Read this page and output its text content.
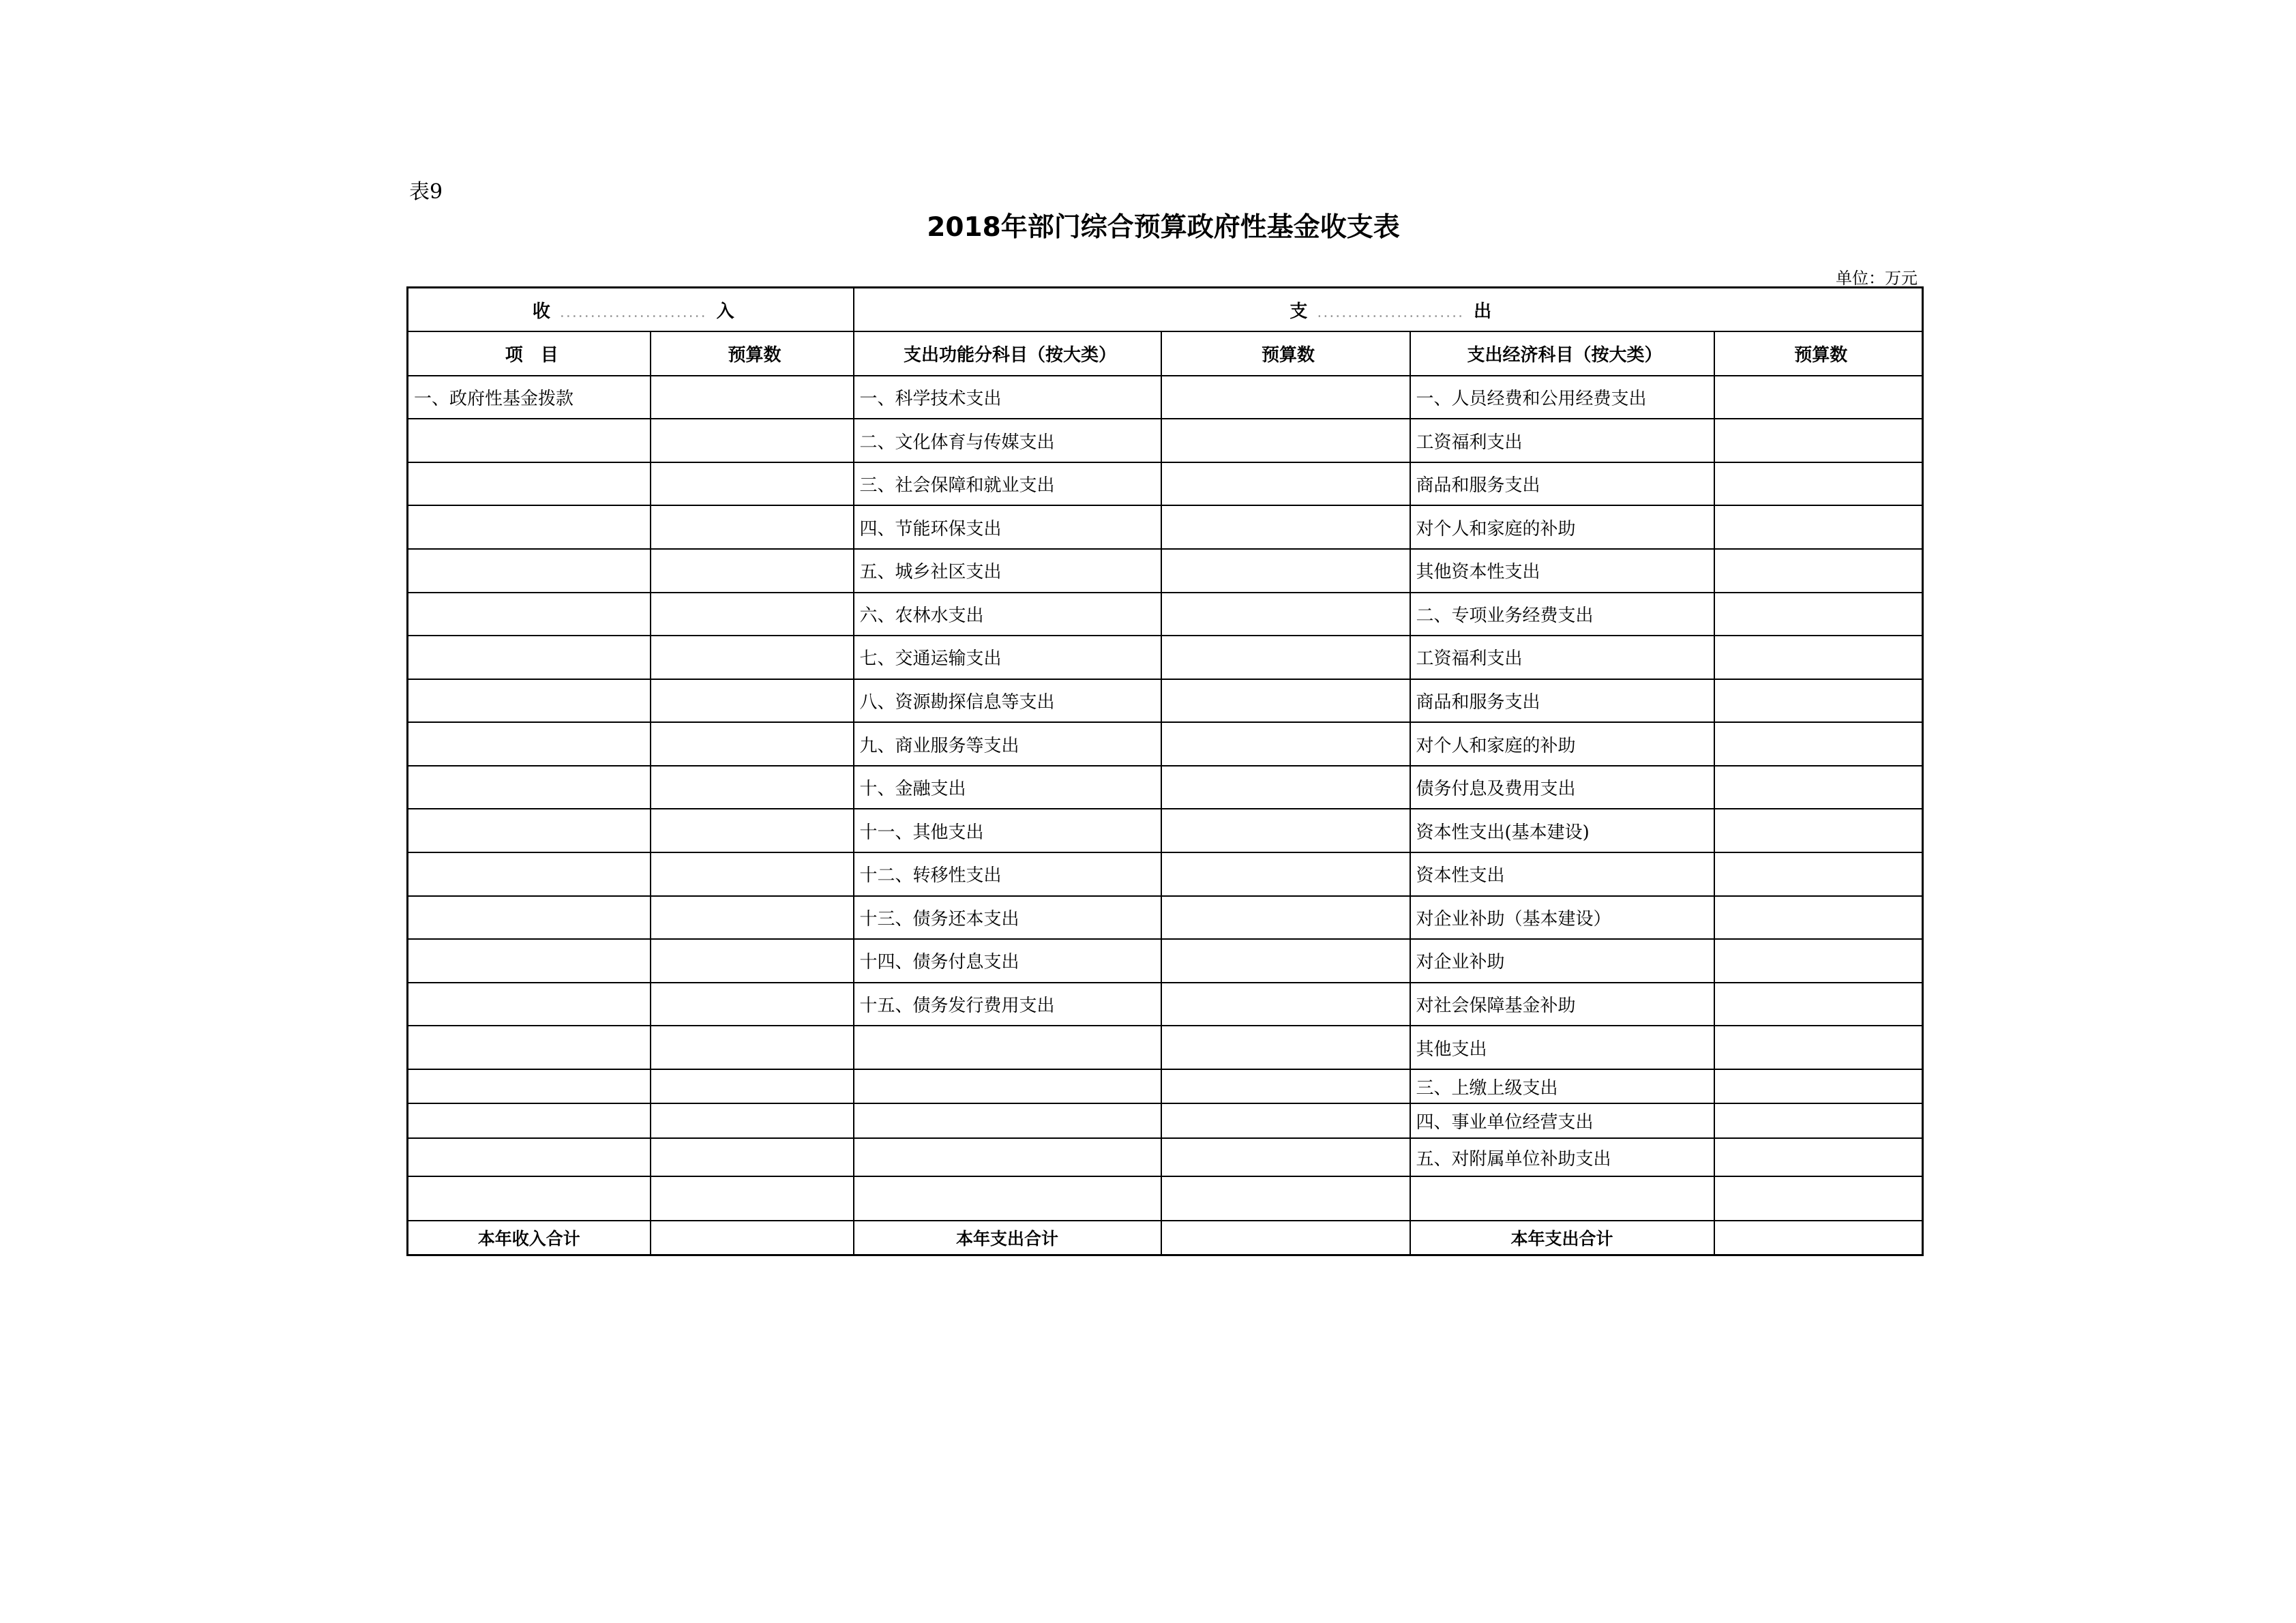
表9
2018年部门综合预算政府性基金收支表
单位：万元
收 ........................ 入		支 ........................ 出			
项　目	预算数	支出功能分科目（按大类）	预算数	支出经济科目（按大类）	预算数
一、政府性基金拨款		一、科学技术支出		一、人员经费和公用经费支出	
		二、文化体育与传媒支出		工资福利支出	
		三、社会保障和就业支出		商品和服务支出	
		四、节能环保支出		对个人和家庭的补助	
		五、城乡社区支出		其他资本性支出	
		六、农林水支出		二、专项业务经费支出	
		七、交通运输支出		工资福利支出	
		八、资源勘探信息等支出		商品和服务支出	
		九、商业服务等支出		对个人和家庭的补助	
		十、金融支出		债务付息及费用支出	
		十一、其他支出		资本性支出(基本建设)	
		十二、转移性支出		资本性支出	
		十三、债务还本支出		对企业补助（基本建设）	
		十四、债务付息支出		对企业补助	
		十五、债务发行费用支出		对社会保障基金补助	
				其他支出	
				三、上缴上级支出	
				四、事业单位经营支出	
				五、对附属单位补助支出	

本年收入合计		本年支出合计		本年支出合计	
